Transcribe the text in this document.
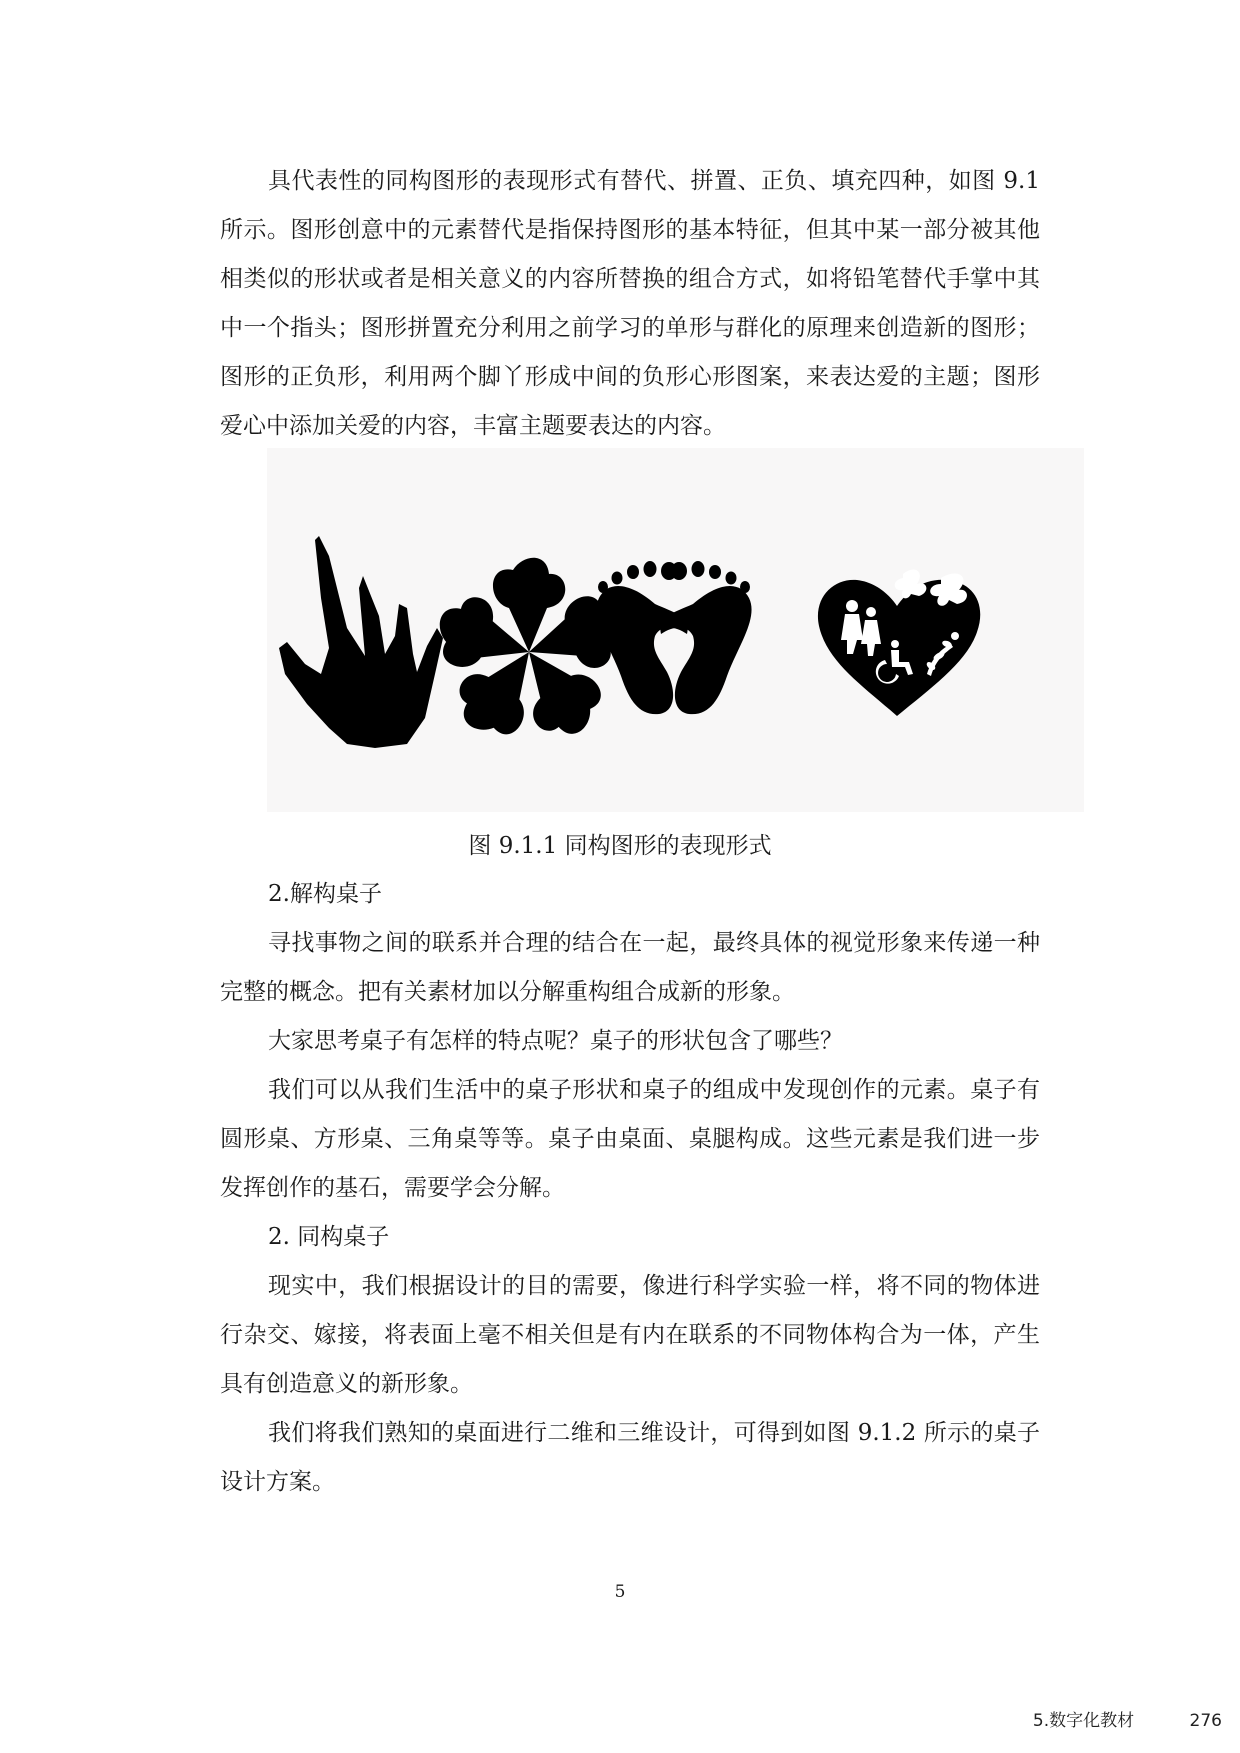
具代表性的同构图形的表现形式有替代、拼置、正负、填充四种，如图 9.1 所示。图形创意中的元素替代是指保持图形的基本特征，但其中某一部分被其他相类似的形状或者是相关意义的内容所替换的组合方式，如将铅笔替代手掌中其中一个指头；图形拼置充分利用之前学习的单形与群化的原理来创造新的图形；图形的正负形，利用两个脚丫形成中间的负形心形图案，来表达爱的主题；图形爱心中添加关爱的内容，丰富主题要表达的内容。

图 9.1.1 同构图形的表现形式

2.解构桌子

寻找事物之间的联系并合理的结合在一起，最终具体的视觉形象来传递一种完整的概念。把有关素材加以分解重构组合成新的形象。

大家思考桌子有怎样的特点呢？桌子的形状包含了哪些？

我们可以从我们生活中的桌子形状和桌子的组成中发现创作的元素。桌子有圆形桌、方形桌、三角桌等等。桌子由桌面、桌腿构成。这些元素是我们进一步发挥创作的基石，需要学会分解。

2. 同构桌子

现实中，我们根据设计的目的需要，像进行科学实验一样，将不同的物体进行杂交、嫁接，将表面上毫不相关但是有内在联系的不同物体构合为一体，产生具有创造意义的新形象。

我们将我们熟知的桌面进行二维和三维设计，可得到如图 9.1.2 所示的桌子设计方案。

5
5.数字化教材	276
